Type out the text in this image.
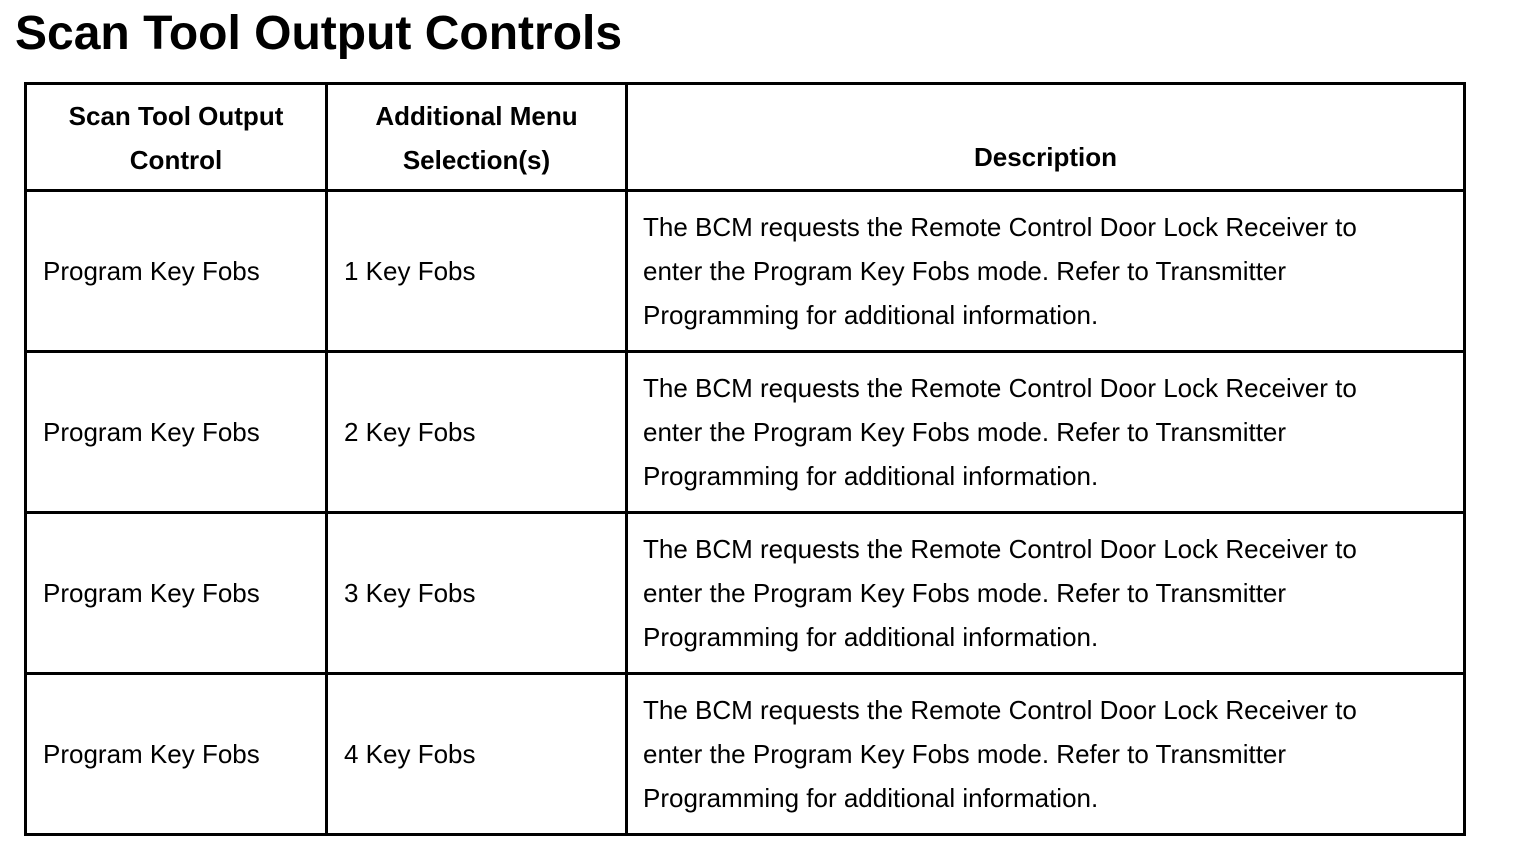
Scan Tool Output Controls
Scan Tool Output Control	Additional Menu Selection(s)	Description

Program Key Fobs	1 Key Fobs	The BCM requests the Remote Control Door Lock Receiver to enter the Program Key Fobs mode. Refer to Transmitter Programming for additional information.
Program Key Fobs	2 Key Fobs	The BCM requests the Remote Control Door Lock Receiver to enter the Program Key Fobs mode. Refer to Transmitter Programming for additional information.
Program Key Fobs	3 Key Fobs	The BCM requests the Remote Control Door Lock Receiver to enter the Program Key Fobs mode. Refer to Transmitter Programming for additional information.
Program Key Fobs	4 Key Fobs	The BCM requests the Remote Control Door Lock Receiver to enter the Program Key Fobs mode. Refer to Transmitter Programming for additional information.
